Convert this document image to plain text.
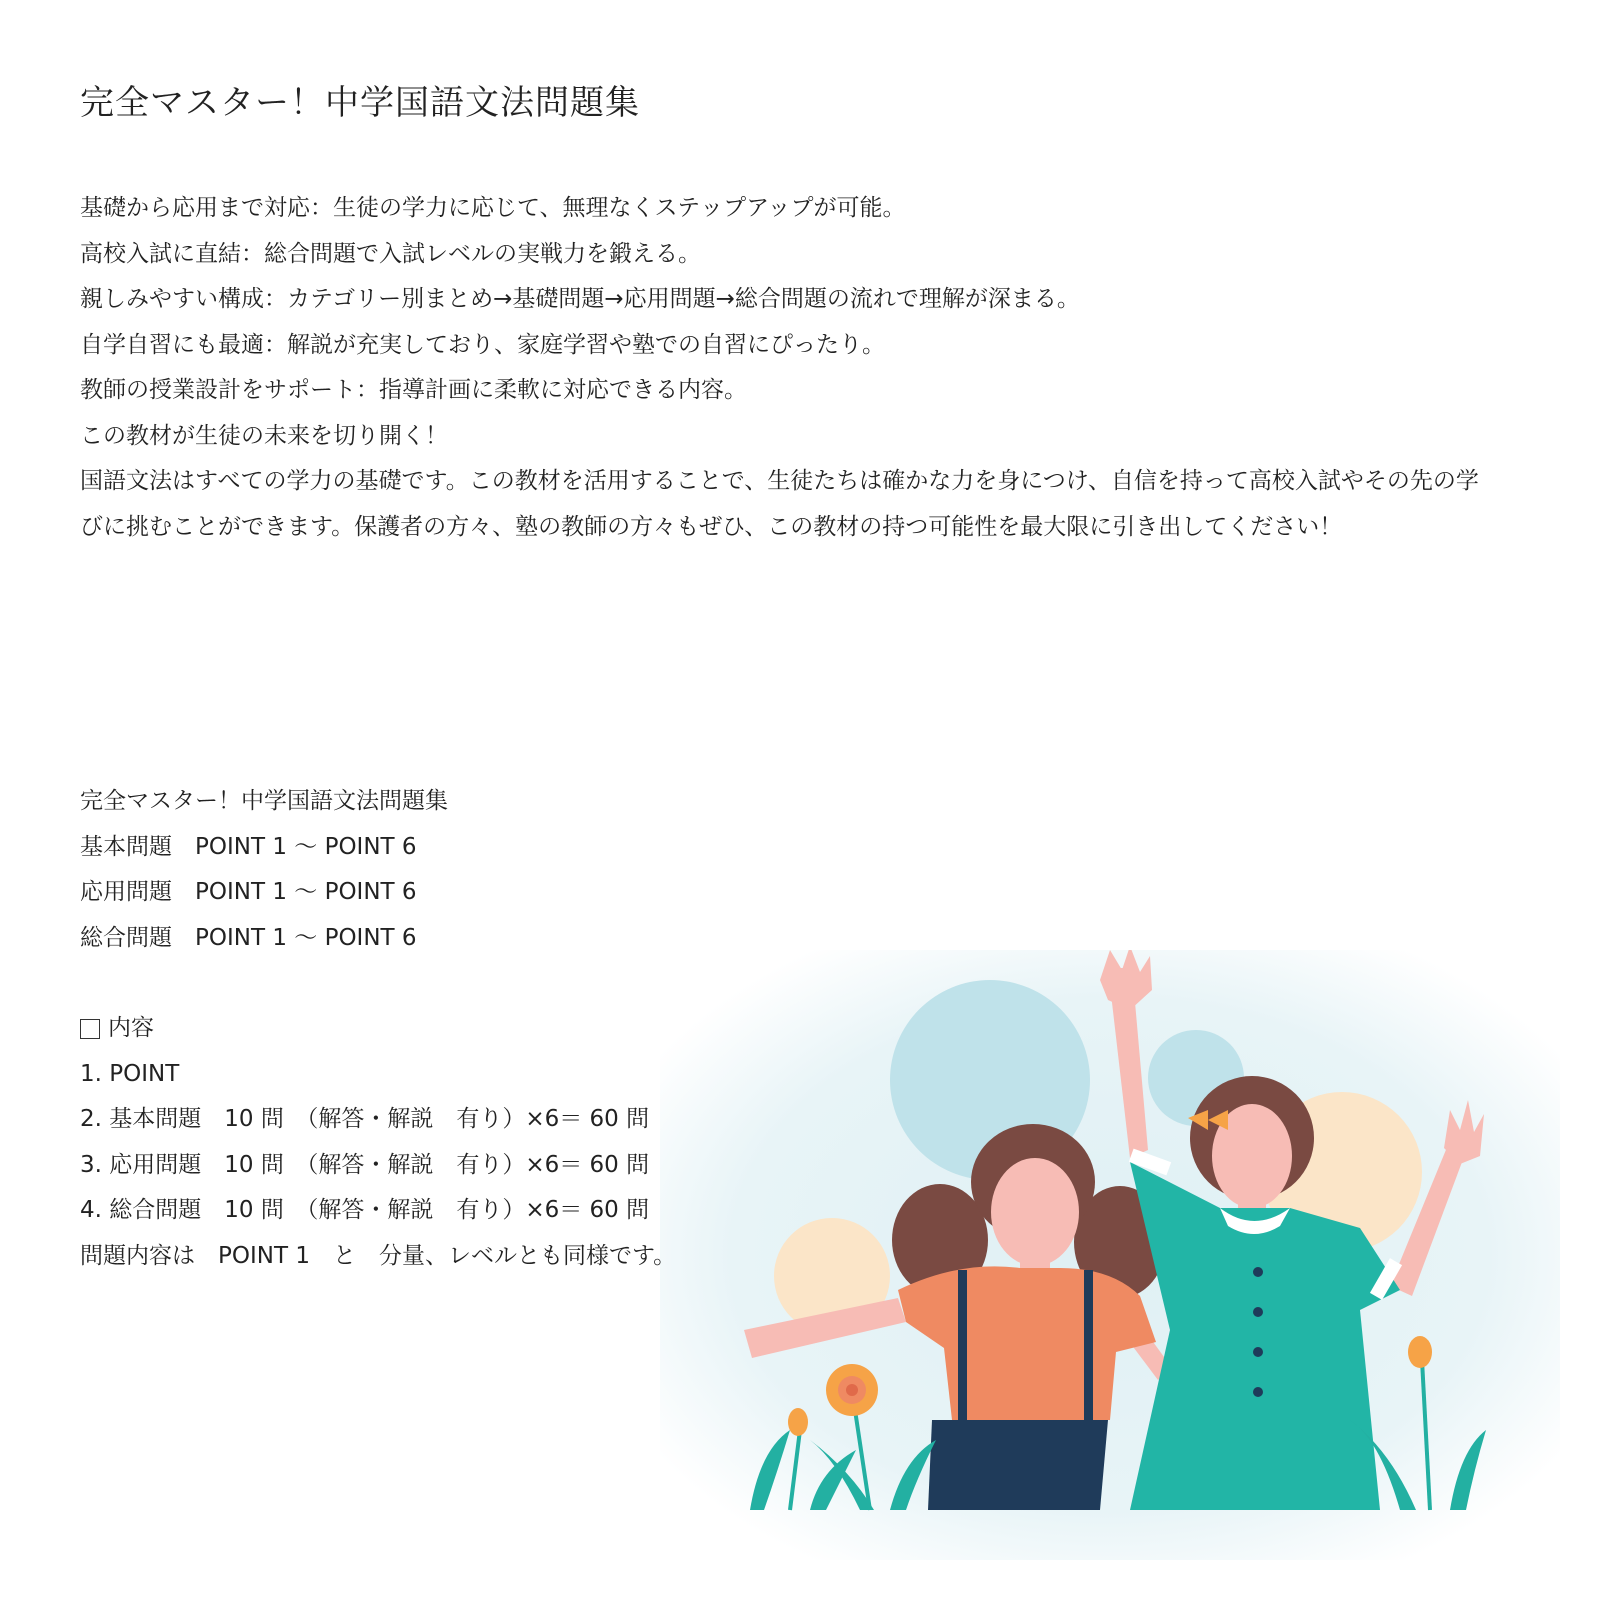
完全マスター！中学国語文法問題集
基礎から応用まで対応：生徒の学力に応じて、無理なくステップアップが可能。
高校入試に直結：総合問題で入試レベルの実戦力を鍛える。
親しみやすい構成：カテゴリー別まとめ→基礎問題→応用問題→総合問題の流れで理解が深まる。
自学自習にも最適：解説が充実しており、家庭学習や塾での自習にぴったり。
教師の授業設計をサポート：指導計画に柔軟に対応できる内容。
この教材が生徒の未来を切り開く！
国語文法はすべての学力の基礎です。この教材を活用することで、生徒たちは確かな力を身につけ、自信を持って高校入試やその先の学びに挑むことができます。保護者の方々、塾の教師の方々もぜひ、この教材の持つ可能性を最大限に引き出してください！
完全マスター！中学国語文法問題集
基本問題　POINT 1 ～ POINT 6
応用問題　POINT 1 ～ POINT 6
総合問題　POINT 1 ～ POINT 6
内容
1. POINT
2. 基本問題　10 問　（解答・解説　有り）×6＝ 60 問
3. 応用問題　10 問　（解答・解説　有り）×6＝ 60 問
4. 総合問題　10 問　（解答・解説　有り）×6＝ 60 問
問題内容は　POINT 1　と　分量、レベルとも同様です。
